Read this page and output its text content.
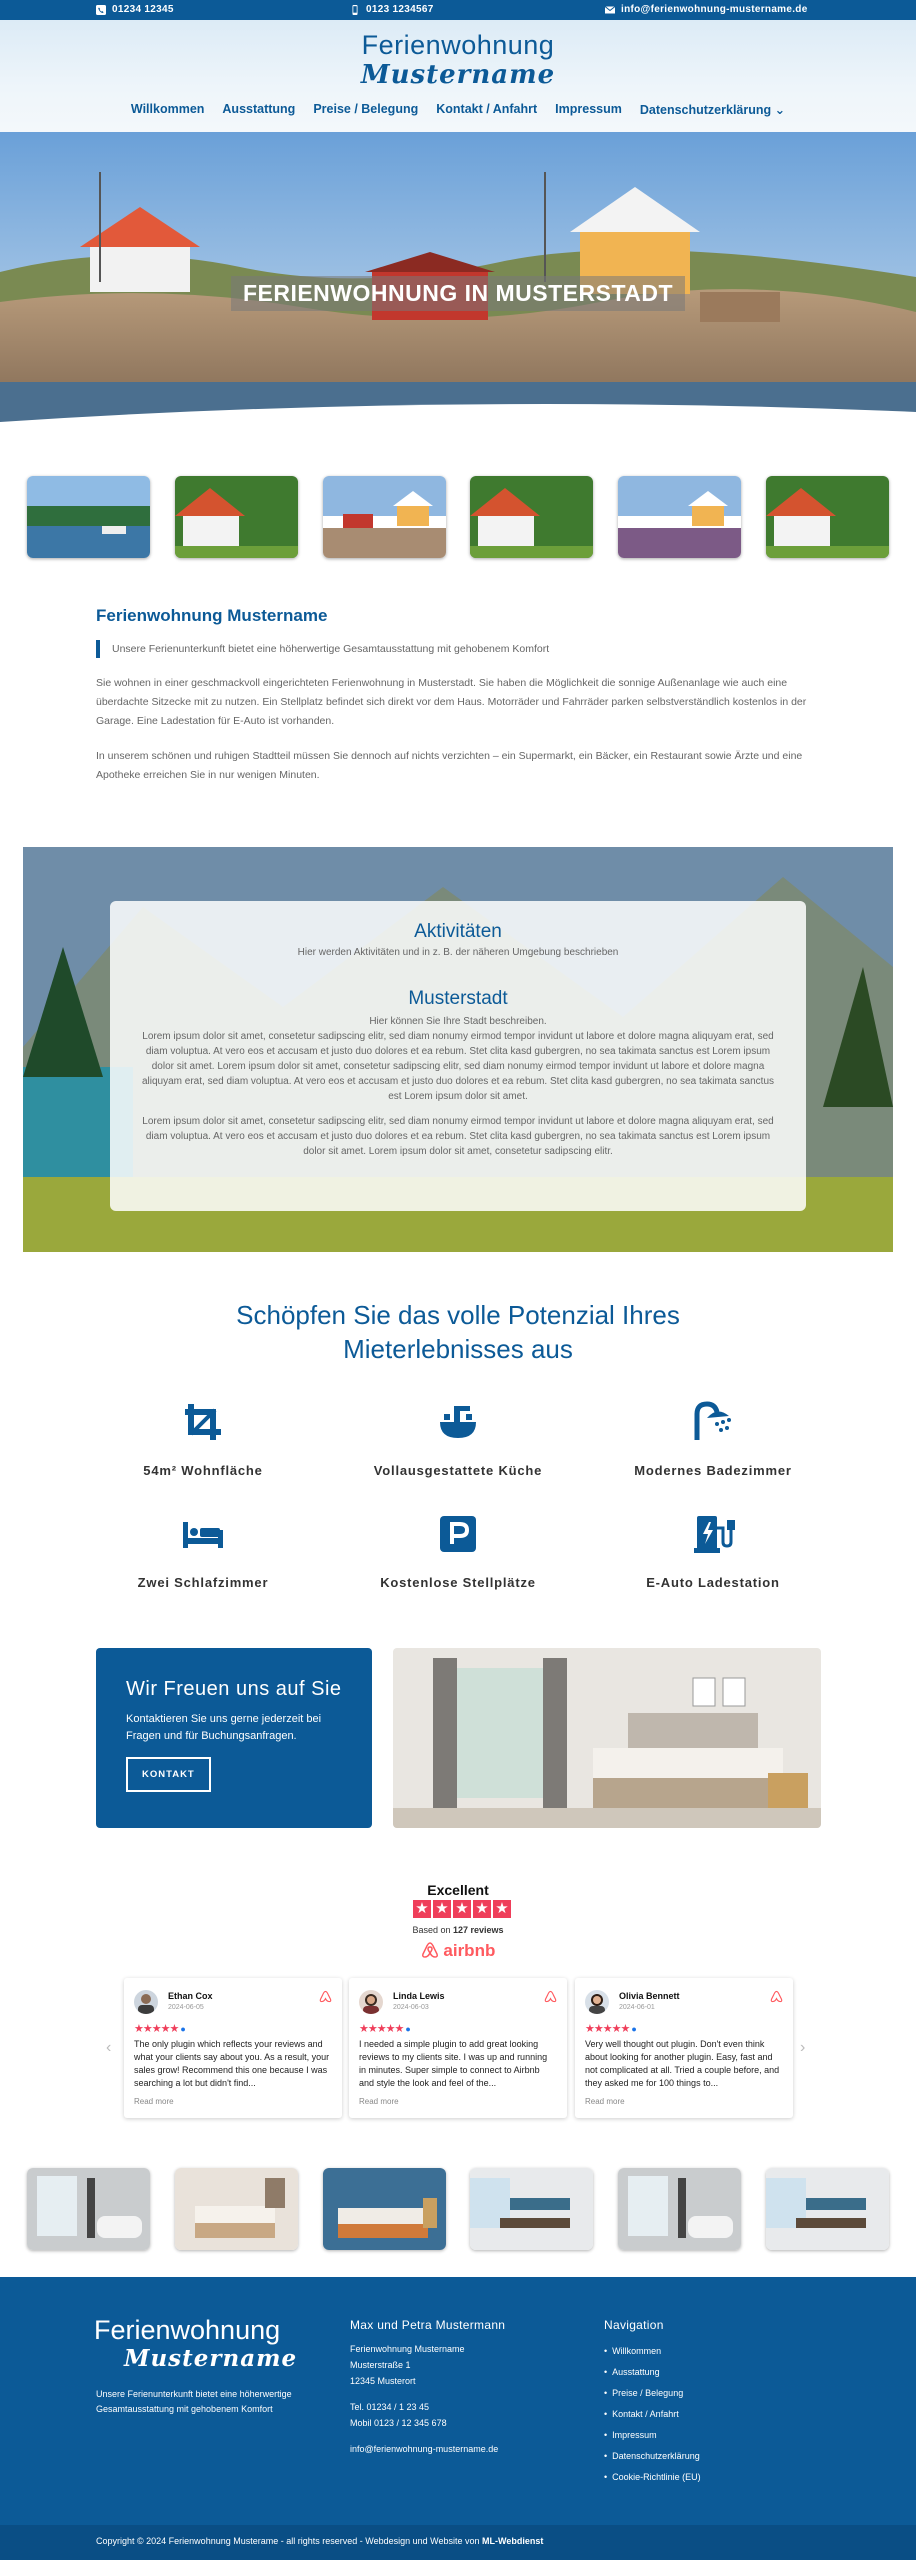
01234 12345	0123 1234567	info@ferienwohnung-mustername.de
Ferienwohnung
Mustername
Willkommen Ausstattung Preise / Belegung Kontakt / Anfahrt Impressum Datenschutzerklärung ⌄
FERIENWOHNUNG IN MUSTERSTADT
Ferienwohnung Mustername
Unsere Ferienunterkunft bietet eine höherwertige Gesamtausstattung mit gehobenem Komfort

Sie wohnen in einer geschmackvoll eingerichteten Ferienwohnung in Musterstadt. Sie haben die Möglichkeit die sonnige Außenanlage wie auch eine überdachte Sitzecke mit zu nutzen. Ein Stellplatz befindet sich direkt vor dem Haus. Motorräder und Fahrräder parken selbstverständlich kostenlos in der Garage. Eine Ladestation für E-Auto ist vorhanden.

In unserem schönen und ruhigen Stadtteil müssen Sie dennoch auf nichts verzichten – ein Supermarkt, ein Bäcker, ein Restaurant sowie Ärzte und eine Apotheke erreichen Sie in nur wenigen Minuten.

Aktivitäten
Hier werden Aktivitäten und in z. B. der näheren Umgebung beschrieben
Musterstadt
Hier können Sie Ihre Stadt beschreiben.
Lorem ipsum dolor sit amet, consetetur sadipscing elitr, sed diam nonumy eirmod tempor invidunt ut labore et dolore magna aliquyam erat, sed diam voluptua. At vero eos et accusam et justo duo dolores et ea rebum. Stet clita kasd gubergren, no sea takimata sanctus est Lorem ipsum dolor sit amet. Lorem ipsum dolor sit amet, consetetur sadipscing elitr, sed diam nonumy eirmod tempor invidunt ut labore et dolore magna aliquyam erat, sed diam voluptua. At vero eos et accusam et justo duo dolores et ea rebum. Stet clita kasd gubergren, no sea takimata sanctus est Lorem ipsum dolor sit amet.
Lorem ipsum dolor sit amet, consetetur sadipscing elitr, sed diam nonumy eirmod tempor invidunt ut labore et dolore magna aliquyam erat, sed diam voluptua. At vero eos et accusam et justo duo dolores et ea rebum. Stet clita kasd gubergren, no sea takimata sanctus est Lorem ipsum dolor sit amet. Lorem ipsum dolor sit amet, consetetur sadipscing elitr.
Schöpfen Sie das volle Potenzial Ihres
Mieterlebnisses aus
54m² Wohnfläche	Vollausgestattete Küche	Modernes Badezimmer
Zwei Schlafzimmer	Kostenlose Stellplätze	E-Auto Ladestation
Wir Freuen uns auf Sie

Kontaktieren Sie uns gerne jederzeit bei Fragen und für Buchungsanfragen.

KONTAKT
Excellent
★ ★ ★ ★ ★
Based on 127 reviews
airbnb
‹	›
Ethan Cox
2024-06-05
★★★★★ ●
The only plugin which reflects your reviews and what your clients say about you. As a result, your sales grow! Recommend this one because I was searching a lot but didn't find...
Read more
Linda Lewis
2024-06-03
★★★★★ ●
I needed a simple plugin to add great looking reviews to my clients site. I was up and running in minutes. Super simple to connect to Airbnb and style the look and feel of the...
Read more
Olivia Bennett
2024-06-01
★★★★★ ●
Very well thought out plugin. Don't even think about looking for another plugin. Easy, fast and not complicated at all. Tried a couple before, and they asked me for 100 things to...
Read more
Ferienwohnung
Mustername
Unsere Ferienunterkunft bietet eine höherwertige Gesamtausstattung mit gehobenem Komfort
Max und Petra Mustermann
Ferienwohnung Mustername
Musterstraße 1
12345 Musterort
Tel. 01234 / 1 23 45
Mobil 0123 / 12 345 678
info@ferienwohnung-mustername.de
Navigation
• Willkommen
• Ausstattung
• Preise / Belegung
• Kontakt / Anfahrt
• Impressum
• Datenschutzerklärung
• Cookie-Richtlinie (EU)
Copyright © 2024 Ferienwohnung Musterame - all rights reserved - Webdesign und Website von ML-Webdienst
